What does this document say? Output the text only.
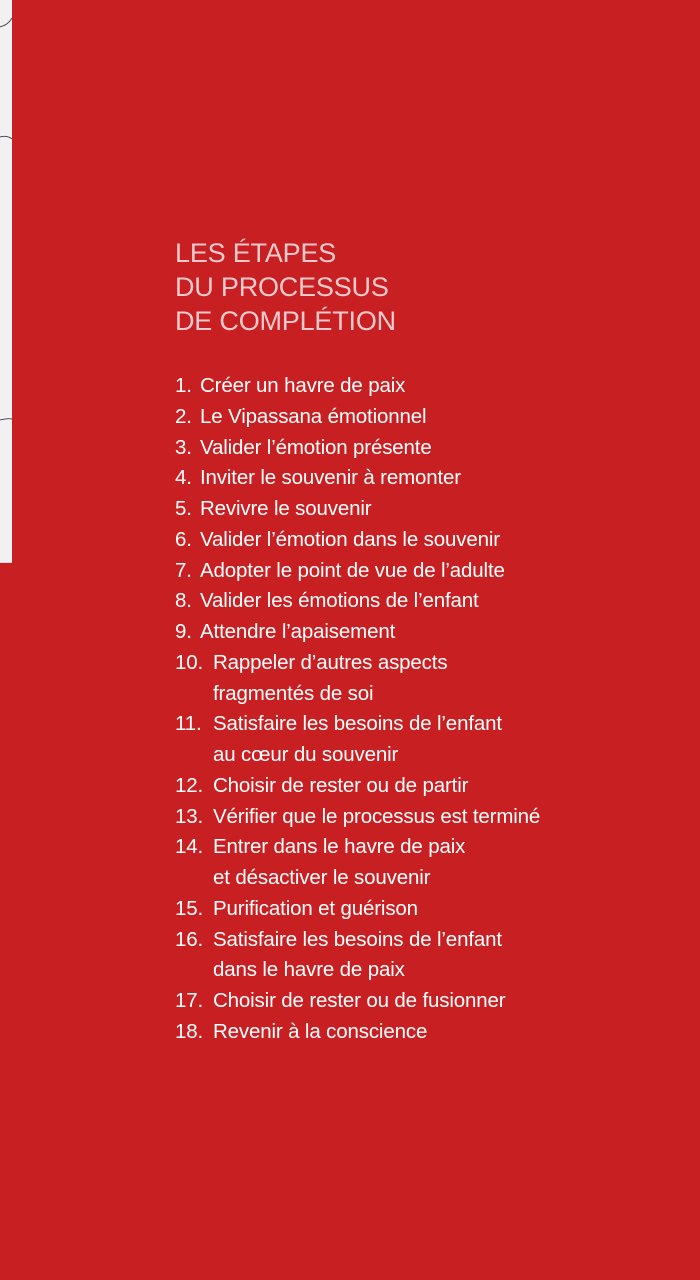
LES ÉTAPES
DU PROCESSUS
DE COMPLÉTION
1. Créer un havre de paix
2. Le Vipassana émotionnel
3. Valider l’émotion présente
4. Inviter le souvenir à remonter
5. Revivre le souvenir
6. Valider l’émotion dans le souvenir
7. Adopter le point de vue de l’adulte
8. Valider les émotions de l’enfant
9. Attendre l’apaisement
10. Rappeler d’autres aspects
fragmentés de soi
11. Satisfaire les besoins de l’enfant
au cœur du souvenir
12. Choisir de rester ou de partir
13. Vérifier que le processus est terminé
14. Entrer dans le havre de paix
et désactiver le souvenir
15. Purification et guérison
16. Satisfaire les besoins de l’enfant
dans le havre de paix
17. Choisir de rester ou de fusionner
18. Revenir à la conscience
